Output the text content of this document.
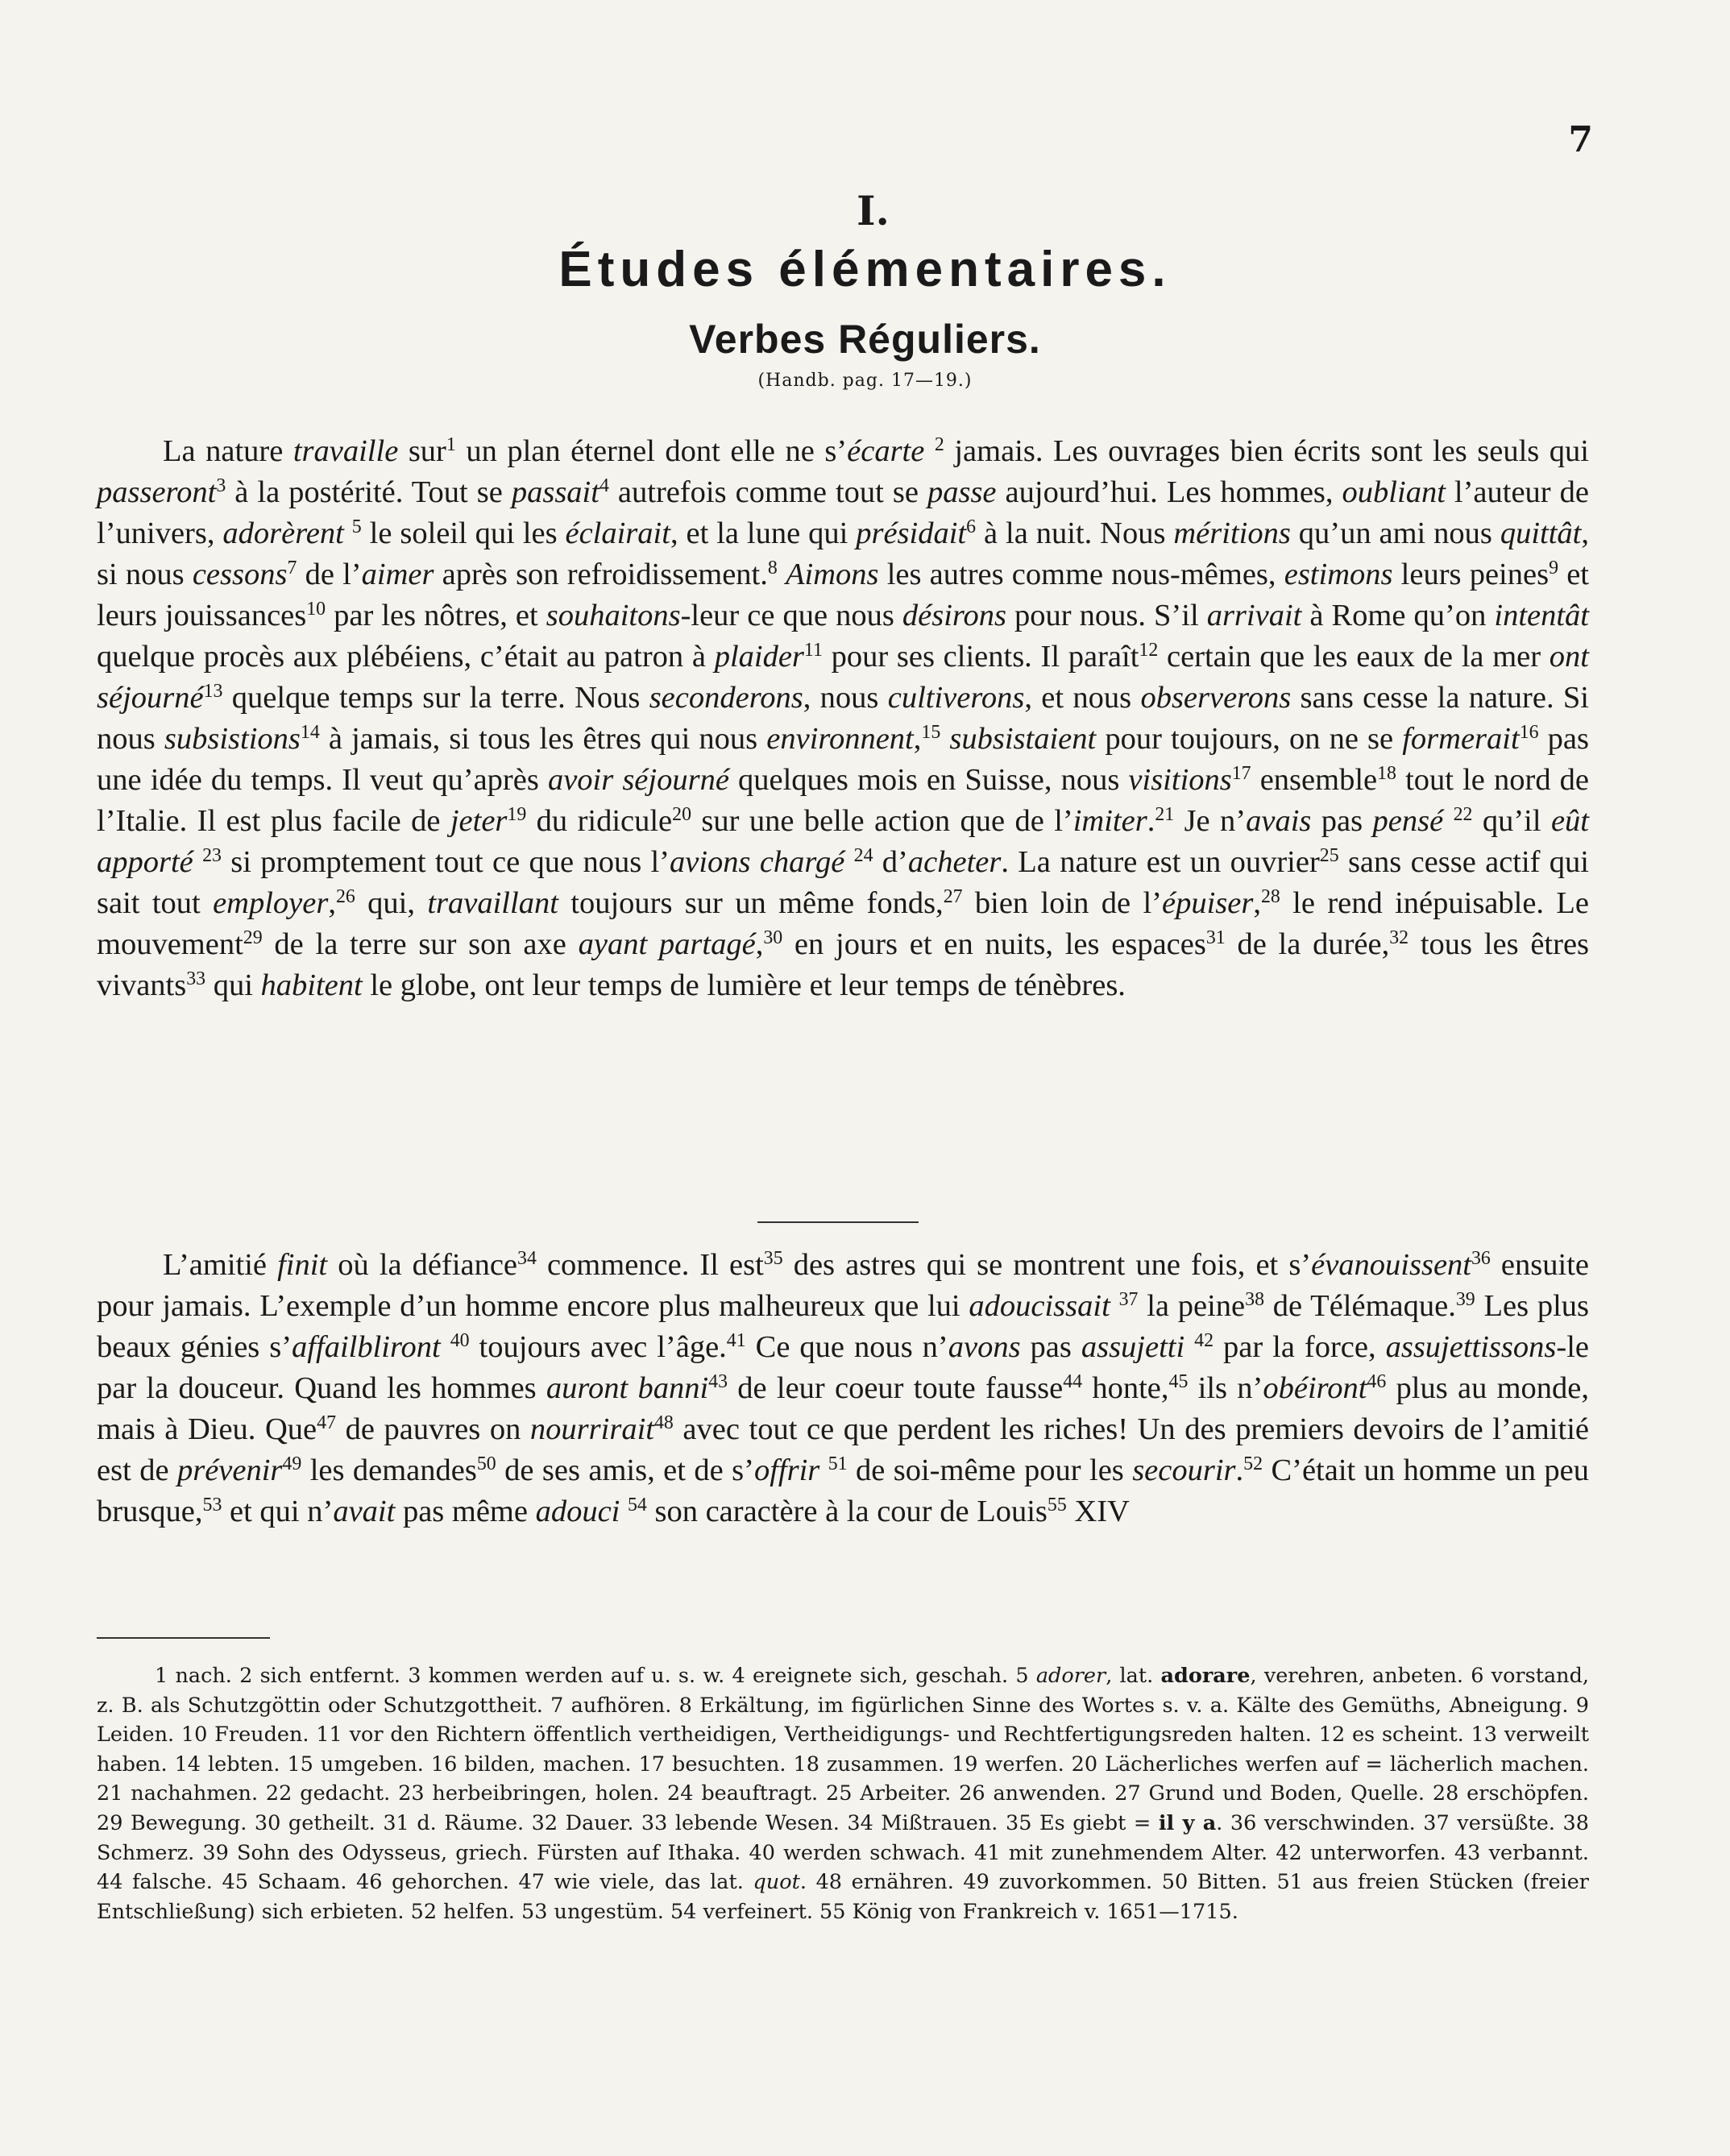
7
I.
Études élémentaires.
Verbes Réguliers.
(Handb. pag. 17—19.)

La nature travaille sur$^1$ un plan éternel dont elle ne s’écarte $^2$ jamais. Les ouvrages bien écrits sont les seuls qui passeront$^3$ à la postérité. Tout se passait$^4$ autrefois comme tout se passe aujourd’hui. Les hommes, oubliant l’auteur de l’univers, adorèrent $^5$ le soleil qui les éclairait, et la lune qui présidait$^6$ à la nuit. Nous méritions qu’un ami nous quittât, si nous cessons$^7$ de l’aimer après son refroidissement.$^8$ Aimons les autres comme nous-mêmes, estimons leurs peines$^9$ et leurs jouissances$^{10}$ par les nôtres, et souhaitons-leur ce que nous désirons pour nous. S’il arrivait à Rome qu’on intentât quelque procès aux plébéiens, c’était au patron à plaider$^{11}$ pour ses clients. Il paraît$^{12}$ certain que les eaux de la mer ont séjourné$^{13}$ quelque temps sur la terre. Nous seconderons, nous cultiverons, et nous observerons sans cesse la nature. Si nous subsistions$^{14}$ à jamais, si tous les êtres qui nous environnent,$^{15}$ subsistaient pour toujours, on ne se formerait$^{16}$ pas une idée du temps. Il veut qu’après avoir séjourné quelques mois en Suisse, nous visitions$^{17}$ ensemble$^{18}$ tout le nord de l’Italie. Il est plus facile de jeter$^{19}$ du ridicule$^{20}$ sur une belle action que de l’imiter.$^{21}$ Je n’avais pas pensé $^{22}$ qu’il eût apporté $^{23}$ si promptement tout ce que nous l’avions chargé $^{24}$ d’acheter. La nature est un ouvrier$^{25}$ sans cesse actif qui sait tout employer,$^{26}$ qui, travaillant toujours sur un même fonds,$^{27}$ bien loin de l’épuiser,$^{28}$ le rend inépuisable. Le mouvement$^{29}$ de la terre sur son axe ayant partagé,$^{30}$ en jours et en nuits, les espaces$^{31}$ de la durée,$^{32}$ tous les êtres vivants$^{33}$ qui habitent le globe, ont leur temps de lumière et leur temps de ténèbres.

L’amitié finit où la défiance$^{34}$ commence. Il est$^{35}$ des astres qui se montrent une fois, et s’évanouissent$^{36}$ ensuite pour jamais. L’exemple d’un homme encore plus malheureux que lui adoucissait $^{37}$ la peine$^{38}$ de Télémaque.$^{39}$ Les plus beaux génies s’affailbliront $^{40}$ toujours avec l’âge.$^{41}$ Ce que nous n’avons pas assujetti $^{42}$ par la force, assujettissons-le par la douceur. Quand les hommes auront banni$^{43}$ de leur coeur toute fausse$^{44}$ honte,$^{45}$ ils n’obéiront$^{46}$ plus au monde, mais à Dieu. Que$^{47}$ de pauvres on nourrirait$^{48}$ avec tout ce que perdent les riches! Un des premiers devoirs de l’amitié est de prévenir$^{49}$ les demandes$^{50}$ de ses amis, et de s’offrir $^{51}$ de soi-même pour les secourir.$^{52}$ C’était un homme un peu brusque,$^{53}$ et qui n’avait pas même adouci $^{54}$ son caractère à la cour de Louis$^{55}$ XIV

1 nach. 2 sich entfernt. 3 kommen werden auf u. s. w. 4 ereignete sich, geschah. 5 adorer, lat. adorare, verehren, anbeten. 6 vorstand, z. B. als Schutzgöttin oder Schutzgottheit. 7 aufhören. 8 Erkältung, im figürlichen Sinne des Wortes s. v. a. Kälte des Gemüths, Abneigung. 9 Leiden. 10 Freuden. 11 vor den Richtern öffentlich vertheidigen, Vertheidigungs- und Rechtfertigungsreden halten. 12 es scheint. 13 verweilt haben. 14 lebten. 15 umgeben. 16 bilden, machen. 17 besuchten. 18 zusammen. 19 werfen. 20 Lächerliches werfen auf = lächerlich machen. 21 nachahmen. 22 gedacht. 23 herbeibringen, holen. 24 beauftragt. 25 Arbeiter. 26 anwenden. 27 Grund und Boden, Quelle. 28 erschöpfen. 29 Bewegung. 30 getheilt. 31 d. Räume. 32 Dauer. 33 lebende Wesen. 34 Mißtrauen. 35 Es giebt = il y a. 36 verschwinden. 37 versüßte. 38 Schmerz. 39 Sohn des Odysseus, griech. Fürsten auf Ithaka. 40 werden schwach. 41 mit zunehmendem Alter. 42 unterworfen. 43 verbannt. 44 falsche. 45 Schaam. 46 gehorchen. 47 wie viele, das lat. quot. 48 ernähren. 49 zuvorkommen. 50 Bitten. 51 aus freien Stücken (freier Entschließung) sich erbieten. 52 helfen. 53 ungestüm. 54 verfeinert. 55 König von Frankreich v. 1651—1715.
